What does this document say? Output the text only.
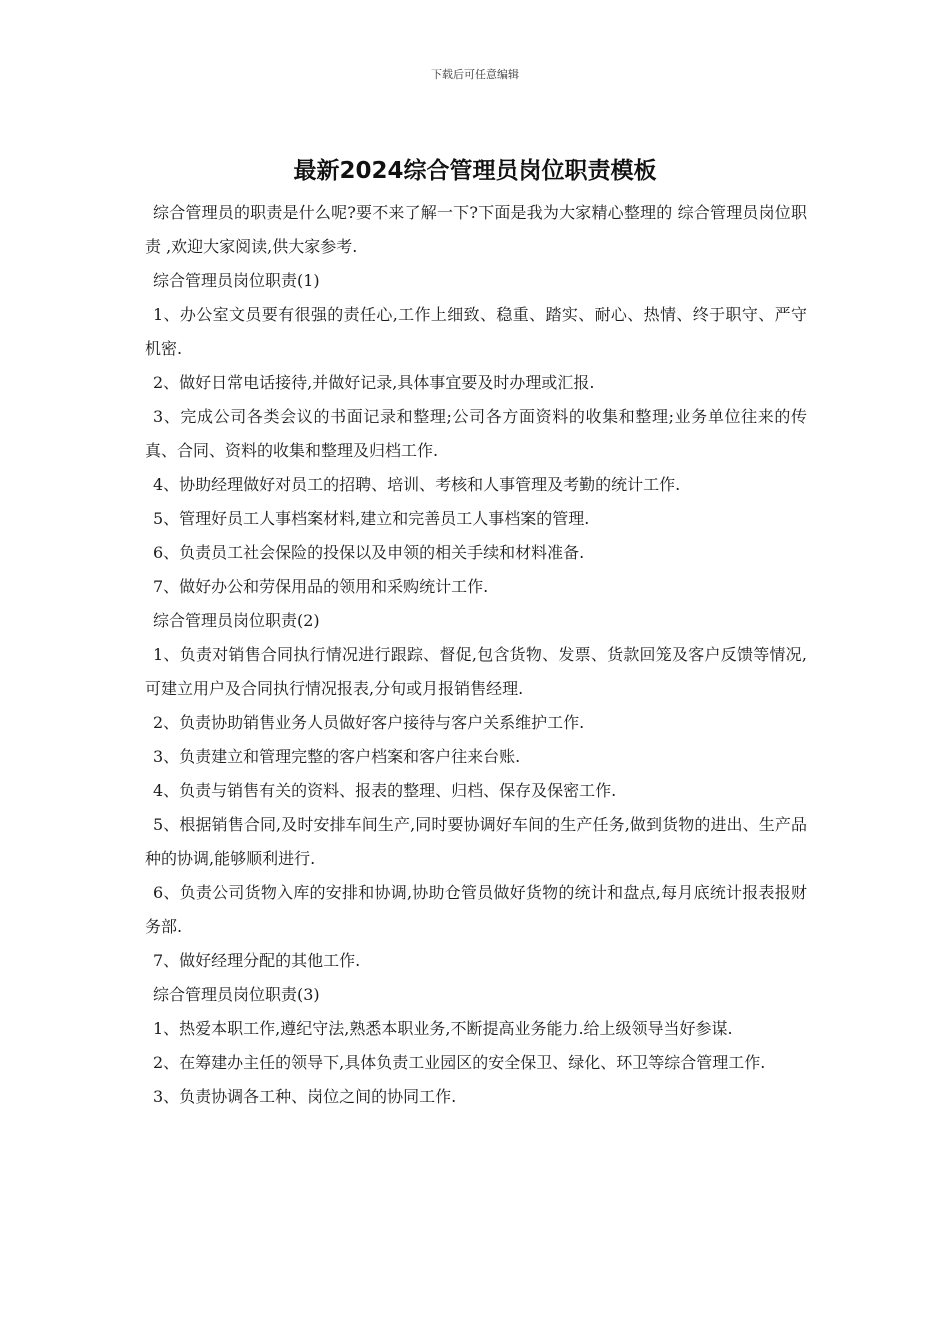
下载后可任意编辑
最新2024综合管理员岗位职责模板

综合管理员的职责是什么呢?要不来了解一下?下面是我为大家精心整理的 综合管理员岗位职责 ,欢迎大家阅读,供大家参考.

综合管理员岗位职责(1)

1、办公室文员要有很强的责任心,工作上细致、稳重、踏实、耐心、热情、终于职守、严守机密.

2、做好日常电话接待,并做好记录,具体事宜要及时办理或汇报.

3、完成公司各类会议的书面记录和整理;公司各方面资料的收集和整理;业务单位往来的传真、合同、资料的收集和整理及归档工作.

4、协助经理做好对员工的招聘、培训、考核和人事管理及考勤的统计工作.

5、管理好员工人事档案材料,建立和完善员工人事档案的管理.

6、负责员工社会保险的投保以及申领的相关手续和材料准备.

7、做好办公和劳保用品的领用和采购统计工作.

综合管理员岗位职责(2)

1、负责对销售合同执行情况进行跟踪、督促,包含货物、发票、货款回笼及客户反馈等情况,可建立用户及合同执行情况报表,分旬或月报销售经理.

2、负责协助销售业务人员做好客户接待与客户关系维护工作.

3、负责建立和管理完整的客户档案和客户往来台账.

4、负责与销售有关的资料、报表的整理、归档、保存及保密工作.

5、根据销售合同,及时安排车间生产,同时要协调好车间的生产任务,做到货物的进出、生产品种的协调,能够顺利进行.

6、负责公司货物入库的安排和协调,协助仓管员做好货物的统计和盘点,每月底统计报表报财务部.

7、做好经理分配的其他工作.

综合管理员岗位职责(3)

1、热爱本职工作,遵纪守法,熟悉本职业务,不断提高业务能力.给上级领导当好参谋.

2、在筹建办主任的领导下,具体负责工业园区的安全保卫、绿化、环卫等综合管理工作.

3、负责协调各工种、岗位之间的协同工作.
